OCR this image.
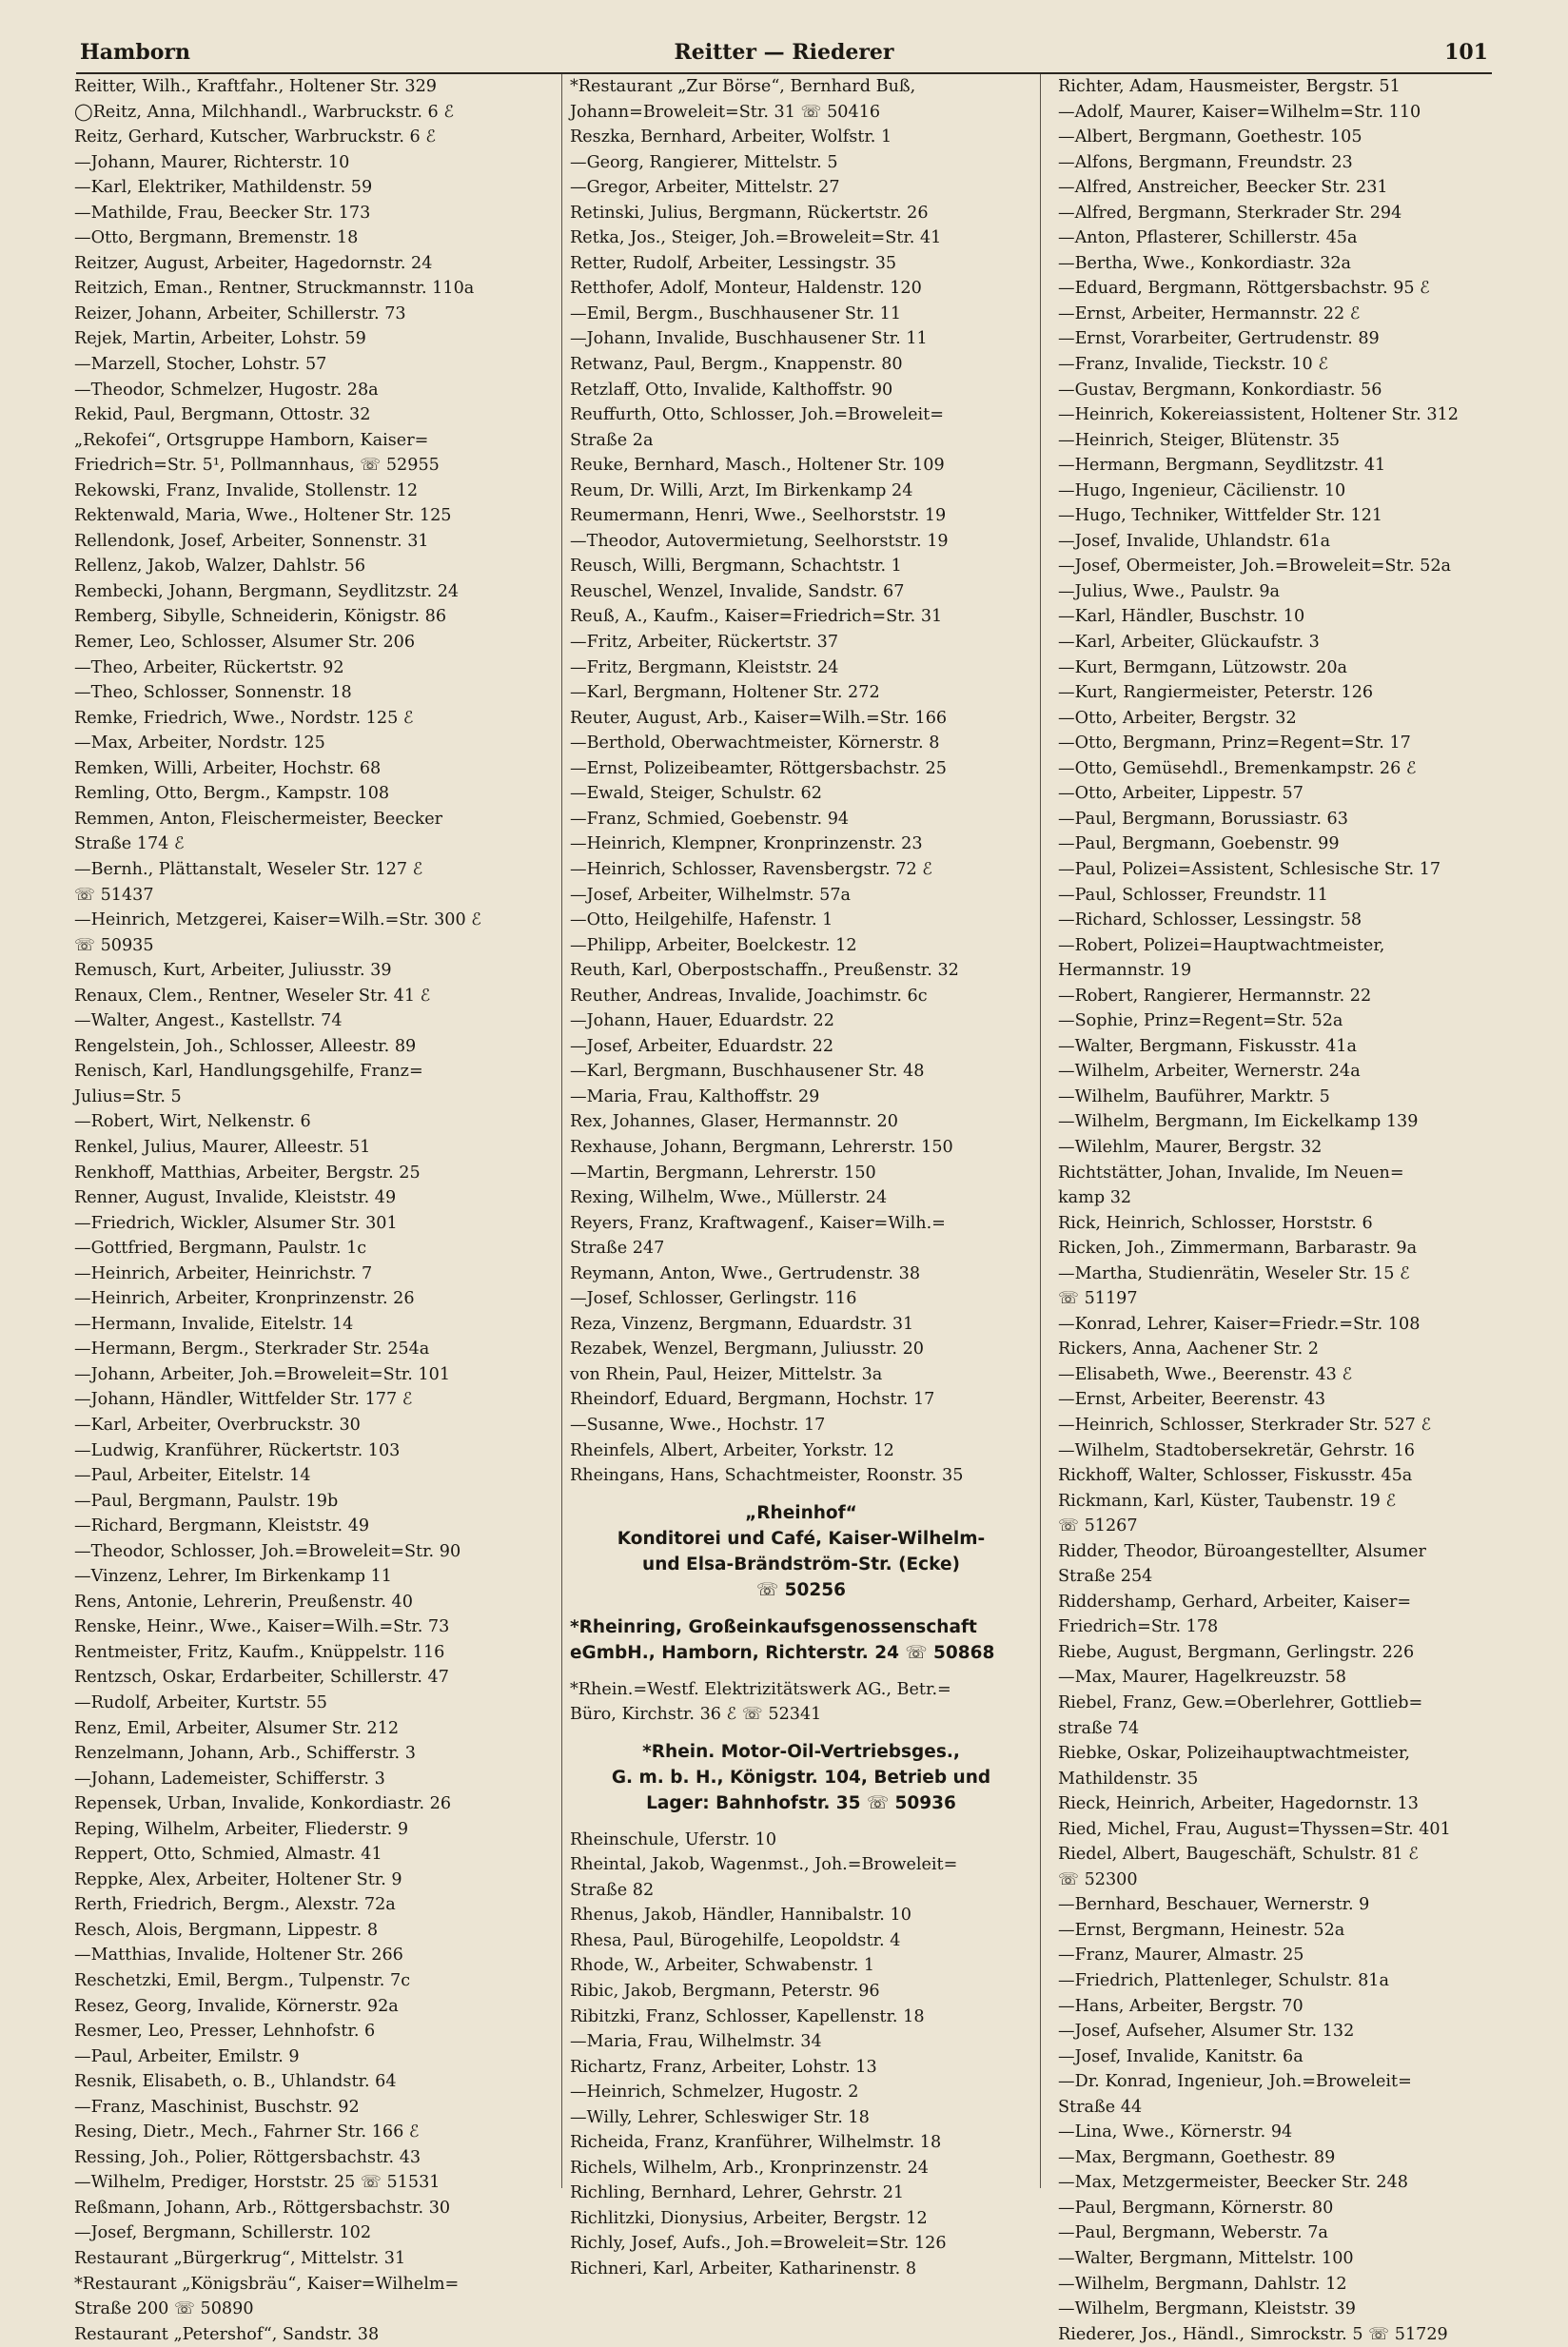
Hamborn	Reitter — Riederer	101
Reitter, Wilh., Kraftfahr., Holtener Str. 329
◯Reitz, Anna, Milchhandl., Warbruckstr. 6 ℰ
Reitz, Gerhard, Kutscher, Warbruckstr. 6 ℰ
—Johann, Maurer, Richterstr. 10
—Karl, Elektriker, Mathildenstr. 59
—Mathilde, Frau, Beecker Str. 173
—Otto, Bergmann, Bremenstr. 18
Reitzer, August, Arbeiter, Hagedornstr. 24
Reitzich, Eman., Rentner, Struckmannstr. 110a
Reizer, Johann, Arbeiter, Schillerstr. 73
Rejek, Martin, Arbeiter, Lohstr. 59
—Marzell, Stocher, Lohstr. 57
—Theodor, Schmelzer, Hugostr. 28a
Rekid, Paul, Bergmann, Ottostr. 32
„Rekofei“, Ortsgruppe Hamborn, Kaiser=
Friedrich=Str. 5¹, Pollmannhaus, ☏ 52955
Rekowski, Franz, Invalide, Stollenstr. 12
Rektenwald, Maria, Wwe., Holtener Str. 125
Rellendonk, Josef, Arbeiter, Sonnenstr. 31
Rellenz, Jakob, Walzer, Dahlstr. 56
Rembecki, Johann, Bergmann, Seydlitzstr. 24
Remberg, Sibylle, Schneiderin, Königstr. 86
Remer, Leo, Schlosser, Alsumer Str. 206
—Theo, Arbeiter, Rückertstr. 92
—Theo, Schlosser, Sonnenstr. 18
Remke, Friedrich, Wwe., Nordstr. 125 ℰ
—Max, Arbeiter, Nordstr. 125
Remken, Willi, Arbeiter, Hochstr. 68
Remling, Otto, Bergm., Kampstr. 108
Remmen, Anton, Fleischermeister, Beecker
Straße 174 ℰ
—Bernh., Plättanstalt, Weseler Str. 127 ℰ
☏ 51437
—Heinrich, Metzgerei, Kaiser=Wilh.=Str. 300 ℰ
☏ 50935
Remusch, Kurt, Arbeiter, Juliusstr. 39
Renaux, Clem., Rentner, Weseler Str. 41 ℰ
—Walter, Angest., Kastellstr. 74
Rengelstein, Joh., Schlosser, Alleestr. 89
Renisch, Karl, Handlungsgehilfe, Franz=
Julius=Str. 5
—Robert, Wirt, Nelkenstr. 6
Renkel, Julius, Maurer, Alleestr. 51
Renkhoff, Matthias, Arbeiter, Bergstr. 25
Renner, August, Invalide, Kleiststr. 49
—Friedrich, Wickler, Alsumer Str. 301
—Gottfried, Bergmann, Paulstr. 1c
—Heinrich, Arbeiter, Heinrichstr. 7
—Heinrich, Arbeiter, Kronprinzenstr. 26
—Hermann, Invalide, Eitelstr. 14
—Hermann, Bergm., Sterkrader Str. 254a
—Johann, Arbeiter, Joh.=Broweleit=Str. 101
—Johann, Händler, Wittfelder Str. 177 ℰ
—Karl, Arbeiter, Overbruckstr. 30
—Ludwig, Kranführer, Rückertstr. 103
—Paul, Arbeiter, Eitelstr. 14
—Paul, Bergmann, Paulstr. 19b
—Richard, Bergmann, Kleiststr. 49
—Theodor, Schlosser, Joh.=Broweleit=Str. 90
—Vinzenz, Lehrer, Im Birkenkamp 11
Rens, Antonie, Lehrerin, Preußenstr. 40
Renske, Heinr., Wwe., Kaiser=Wilh.=Str. 73
Rentmeister, Fritz, Kaufm., Knüppelstr. 116
Rentzsch, Oskar, Erdarbeiter, Schillerstr. 47
—Rudolf, Arbeiter, Kurtstr. 55
Renz, Emil, Arbeiter, Alsumer Str. 212
Renzelmann, Johann, Arb., Schifferstr. 3
—Johann, Lademeister, Schifferstr. 3
Repensek, Urban, Invalide, Konkordiastr. 26
Reping, Wilhelm, Arbeiter, Fliederstr. 9
Reppert, Otto, Schmied, Almastr. 41
Reppke, Alex, Arbeiter, Holtener Str. 9
Rerth, Friedrich, Bergm., Alexstr. 72a
Resch, Alois, Bergmann, Lippestr. 8
—Matthias, Invalide, Holtener Str. 266
Reschetzki, Emil, Bergm., Tulpenstr. 7c
Resez, Georg, Invalide, Körnerstr. 92a
Resmer, Leo, Presser, Lehnhofstr. 6
—Paul, Arbeiter, Emilstr. 9
Resnik, Elisabeth, o. B., Uhlandstr. 64
—Franz, Maschinist, Buschstr. 92
Resing, Dietr., Mech., Fahrner Str. 166 ℰ
Ressing, Joh., Polier, Röttgersbachstr. 43
—Wilhelm, Prediger, Horststr. 25 ☏ 51531
Reßmann, Johann, Arb., Röttgersbachstr. 30
—Josef, Bergmann, Schillerstr. 102
Restaurant „Bürgerkrug“, Mittelstr. 31
*Restaurant „Königsbräu“, Kaiser=Wilhelm=
Straße 200 ☏ 50890
Restaurant „Petershof“, Sandstr. 38
*Restaurant „Zur Börse“, Bernhard Buß,
Johann=Broweleit=Str. 31 ☏ 50416
Reszka, Bernhard, Arbeiter, Wolfstr. 1
—Georg, Rangierer, Mittelstr. 5
—Gregor, Arbeiter, Mittelstr. 27
Retinski, Julius, Bergmann, Rückertstr. 26
Retka, Jos., Steiger, Joh.=Broweleit=Str. 41
Retter, Rudolf, Arbeiter, Lessingstr. 35
Retthofer, Adolf, Monteur, Haldenstr. 120
—Emil, Bergm., Buschhausener Str. 11
—Johann, Invalide, Buschhausener Str. 11
Retwanz, Paul, Bergm., Knappenstr. 80
Retzlaff, Otto, Invalide, Kalthoffstr. 90
Reuffurth, Otto, Schlosser, Joh.=Broweleit=
Straße 2a
Reuke, Bernhard, Masch., Holtener Str. 109
Reum, Dr. Willi, Arzt, Im Birkenkamp 24
Reumermann, Henri, Wwe., Seelhorststr. 19
—Theodor, Autovermietung, Seelhorststr. 19
Reusch, Willi, Bergmann, Schachtstr. 1
Reuschel, Wenzel, Invalide, Sandstr. 67
Reuß, A., Kaufm., Kaiser=Friedrich=Str. 31
—Fritz, Arbeiter, Rückertstr. 37
—Fritz, Bergmann, Kleiststr. 24
—Karl, Bergmann, Holtener Str. 272
Reuter, August, Arb., Kaiser=Wilh.=Str. 166
—Berthold, Oberwachtmeister, Körnerstr. 8
—Ernst, Polizeibeamter, Röttgersbachstr. 25
—Ewald, Steiger, Schulstr. 62
—Franz, Schmied, Goebenstr. 94
—Heinrich, Klempner, Kronprinzenstr. 23
—Heinrich, Schlosser, Ravensbergstr. 72 ℰ
—Josef, Arbeiter, Wilhelmstr. 57a
—Otto, Heilgehilfe, Hafenstr. 1
—Philipp, Arbeiter, Boelckestr. 12
Reuth, Karl, Oberpostschaffn., Preußenstr. 32
Reuther, Andreas, Invalide, Joachimstr. 6c
—Johann, Hauer, Eduardstr. 22
—Josef, Arbeiter, Eduardstr. 22
—Karl, Bergmann, Buschhausener Str. 48
—Maria, Frau, Kalthoffstr. 29
Rex, Johannes, Glaser, Hermannstr. 20
Rexhause, Johann, Bergmann, Lehrerstr. 150
—Martin, Bergmann, Lehrerstr. 150
Rexing, Wilhelm, Wwe., Müllerstr. 24
Reyers, Franz, Kraftwagenf., Kaiser=Wilh.=
Straße 247
Reymann, Anton, Wwe., Gertrudenstr. 38
—Josef, Schlosser, Gerlingstr. 116
Reza, Vinzenz, Bergmann, Eduardstr. 31
Rezabek, Wenzel, Bergmann, Juliusstr. 20
von Rhein, Paul, Heizer, Mittelstr. 3a
Rheindorf, Eduard, Bergmann, Hochstr. 17
—Susanne, Wwe., Hochstr. 17
Rheinfels, Albert, Arbeiter, Yorkstr. 12
Rheingans, Hans, Schachtmeister, Roonstr. 35
„Rheinhof“
Konditorei und Café, Kaiser-Wilhelm-
und Elsa-Brändström-Str. (Ecke)
☏ 50256
*Rheinring, Großeinkaufsgenossenschaft
eGmbH., Hamborn, Richterstr. 24 ☏ 50868
*Rhein.=Westf. Elektrizitätswerk AG., Betr.=
Büro, Kirchstr. 36 ℰ ☏ 52341
*Rhein. Motor-Oil-Vertriebsges.,
G. m. b. H., Königstr. 104, Betrieb und
Lager: Bahnhofstr. 35 ☏ 50936
Rheinschule, Uferstr. 10
Rheintal, Jakob, Wagenmst., Joh.=Broweleit=
Straße 82
Rhenus, Jakob, Händler, Hannibalstr. 10
Rhesa, Paul, Bürogehilfe, Leopoldstr. 4
Rhode, W., Arbeiter, Schwabenstr. 1
Ribic, Jakob, Bergmann, Peterstr. 96
Ribitzki, Franz, Schlosser, Kapellenstr. 18
—Maria, Frau, Wilhelmstr. 34
Richartz, Franz, Arbeiter, Lohstr. 13
—Heinrich, Schmelzer, Hugostr. 2
—Willy, Lehrer, Schleswiger Str. 18
Richeida, Franz, Kranführer, Wilhelmstr. 18
Richels, Wilhelm, Arb., Kronprinzenstr. 24
Richling, Bernhard, Lehrer, Gehrstr. 21
Richlitzki, Dionysius, Arbeiter, Bergstr. 12
Richly, Josef, Aufs., Joh.=Broweleit=Str. 126
Richneri, Karl, Arbeiter, Katharinenstr. 8
Richter, Adam, Hausmeister, Bergstr. 51
—Adolf, Maurer, Kaiser=Wilhelm=Str. 110
—Albert, Bergmann, Goethestr. 105
—Alfons, Bergmann, Freundstr. 23
—Alfred, Anstreicher, Beecker Str. 231
—Alfred, Bergmann, Sterkrader Str. 294
—Anton, Pflasterer, Schillerstr. 45a
—Bertha, Wwe., Konkordiastr. 32a
—Eduard, Bergmann, Röttgersbachstr. 95 ℰ
—Ernst, Arbeiter, Hermannstr. 22 ℰ
—Ernst, Vorarbeiter, Gertrudenstr. 89
—Franz, Invalide, Tieckstr. 10 ℰ
—Gustav, Bergmann, Konkordiastr. 56
—Heinrich, Kokereiassistent, Holtener Str. 312
—Heinrich, Steiger, Blütenstr. 35
—Hermann, Bergmann, Seydlitzstr. 41
—Hugo, Ingenieur, Cäcilienstr. 10
—Hugo, Techniker, Wittfelder Str. 121
—Josef, Invalide, Uhlandstr. 61a
—Josef, Obermeister, Joh.=Broweleit=Str. 52a
—Julius, Wwe., Paulstr. 9a
—Karl, Händler, Buschstr. 10
—Karl, Arbeiter, Glückaufstr. 3
—Kurt, Bermgann, Lützowstr. 20a
—Kurt, Rangiermeister, Peterstr. 126
—Otto, Arbeiter, Bergstr. 32
—Otto, Bergmann, Prinz=Regent=Str. 17
—Otto, Gemüsehdl., Bremenkampstr. 26 ℰ
—Otto, Arbeiter, Lippestr. 57
—Paul, Bergmann, Borussiastr. 63
—Paul, Bergmann, Goebenstr. 99
—Paul, Polizei=Assistent, Schlesische Str. 17
—Paul, Schlosser, Freundstr. 11
—Richard, Schlosser, Lessingstr. 58
—Robert, Polizei=Hauptwachtmeister,
Hermannstr. 19
—Robert, Rangierer, Hermannstr. 22
—Sophie, Prinz=Regent=Str. 52a
—Walter, Bergmann, Fiskusstr. 41a
—Wilhelm, Arbeiter, Wernerstr. 24a
—Wilhelm, Bauführer, Marktr. 5
—Wilhelm, Bergmann, Im Eickelkamp 139
—Wilehlm, Maurer, Bergstr. 32
Richtstätter, Johan, Invalide, Im Neuen=
kamp 32
Rick, Heinrich, Schlosser, Horststr. 6
Ricken, Joh., Zimmermann, Barbarastr. 9a
—Martha, Studienrätin, Weseler Str. 15 ℰ
☏ 51197
—Konrad, Lehrer, Kaiser=Friedr.=Str. 108
Rickers, Anna, Aachener Str. 2
—Elisabeth, Wwe., Beerenstr. 43 ℰ
—Ernst, Arbeiter, Beerenstr. 43
—Heinrich, Schlosser, Sterkrader Str. 527 ℰ
—Wilhelm, Stadtobersekretär, Gehrstr. 16
Rickhoff, Walter, Schlosser, Fiskusstr. 45a
Rickmann, Karl, Küster, Taubenstr. 19 ℰ
☏ 51267
Ridder, Theodor, Büroangestellter, Alsumer
Straße 254
Riddershamp, Gerhard, Arbeiter, Kaiser=
Friedrich=Str. 178
Riebe, August, Bergmann, Gerlingstr. 226
—Max, Maurer, Hagelkreuzstr. 58
Riebel, Franz, Gew.=Oberlehrer, Gottlieb=
straße 74
Riebke, Oskar, Polizeihauptwachtmeister,
Mathildenstr. 35
Rieck, Heinrich, Arbeiter, Hagedornstr. 13
Ried, Michel, Frau, August=Thyssen=Str. 401
Riedel, Albert, Baugeschäft, Schulstr. 81 ℰ
☏ 52300
—Bernhard, Beschauer, Wernerstr. 9
—Ernst, Bergmann, Heinestr. 52a
—Franz, Maurer, Almastr. 25
—Friedrich, Plattenleger, Schulstr. 81a
—Hans, Arbeiter, Bergstr. 70
—Josef, Aufseher, Alsumer Str. 132
—Josef, Invalide, Kanitstr. 6a
—Dr. Konrad, Ingenieur, Joh.=Broweleit=
Straße 44
—Lina, Wwe., Körnerstr. 94
—Max, Bergmann, Goethestr. 89
—Max, Metzgermeister, Beecker Str. 248
—Paul, Bergmann, Körnerstr. 80
—Paul, Bergmann, Weberstr. 7a
—Walter, Bergmann, Mittelstr. 100
—Wilhelm, Bergmann, Dahlstr. 12
—Wilhelm, Bergmann, Kleiststr. 39
Riederer, Jos., Händl., Simrockstr. 5 ☏ 51729
